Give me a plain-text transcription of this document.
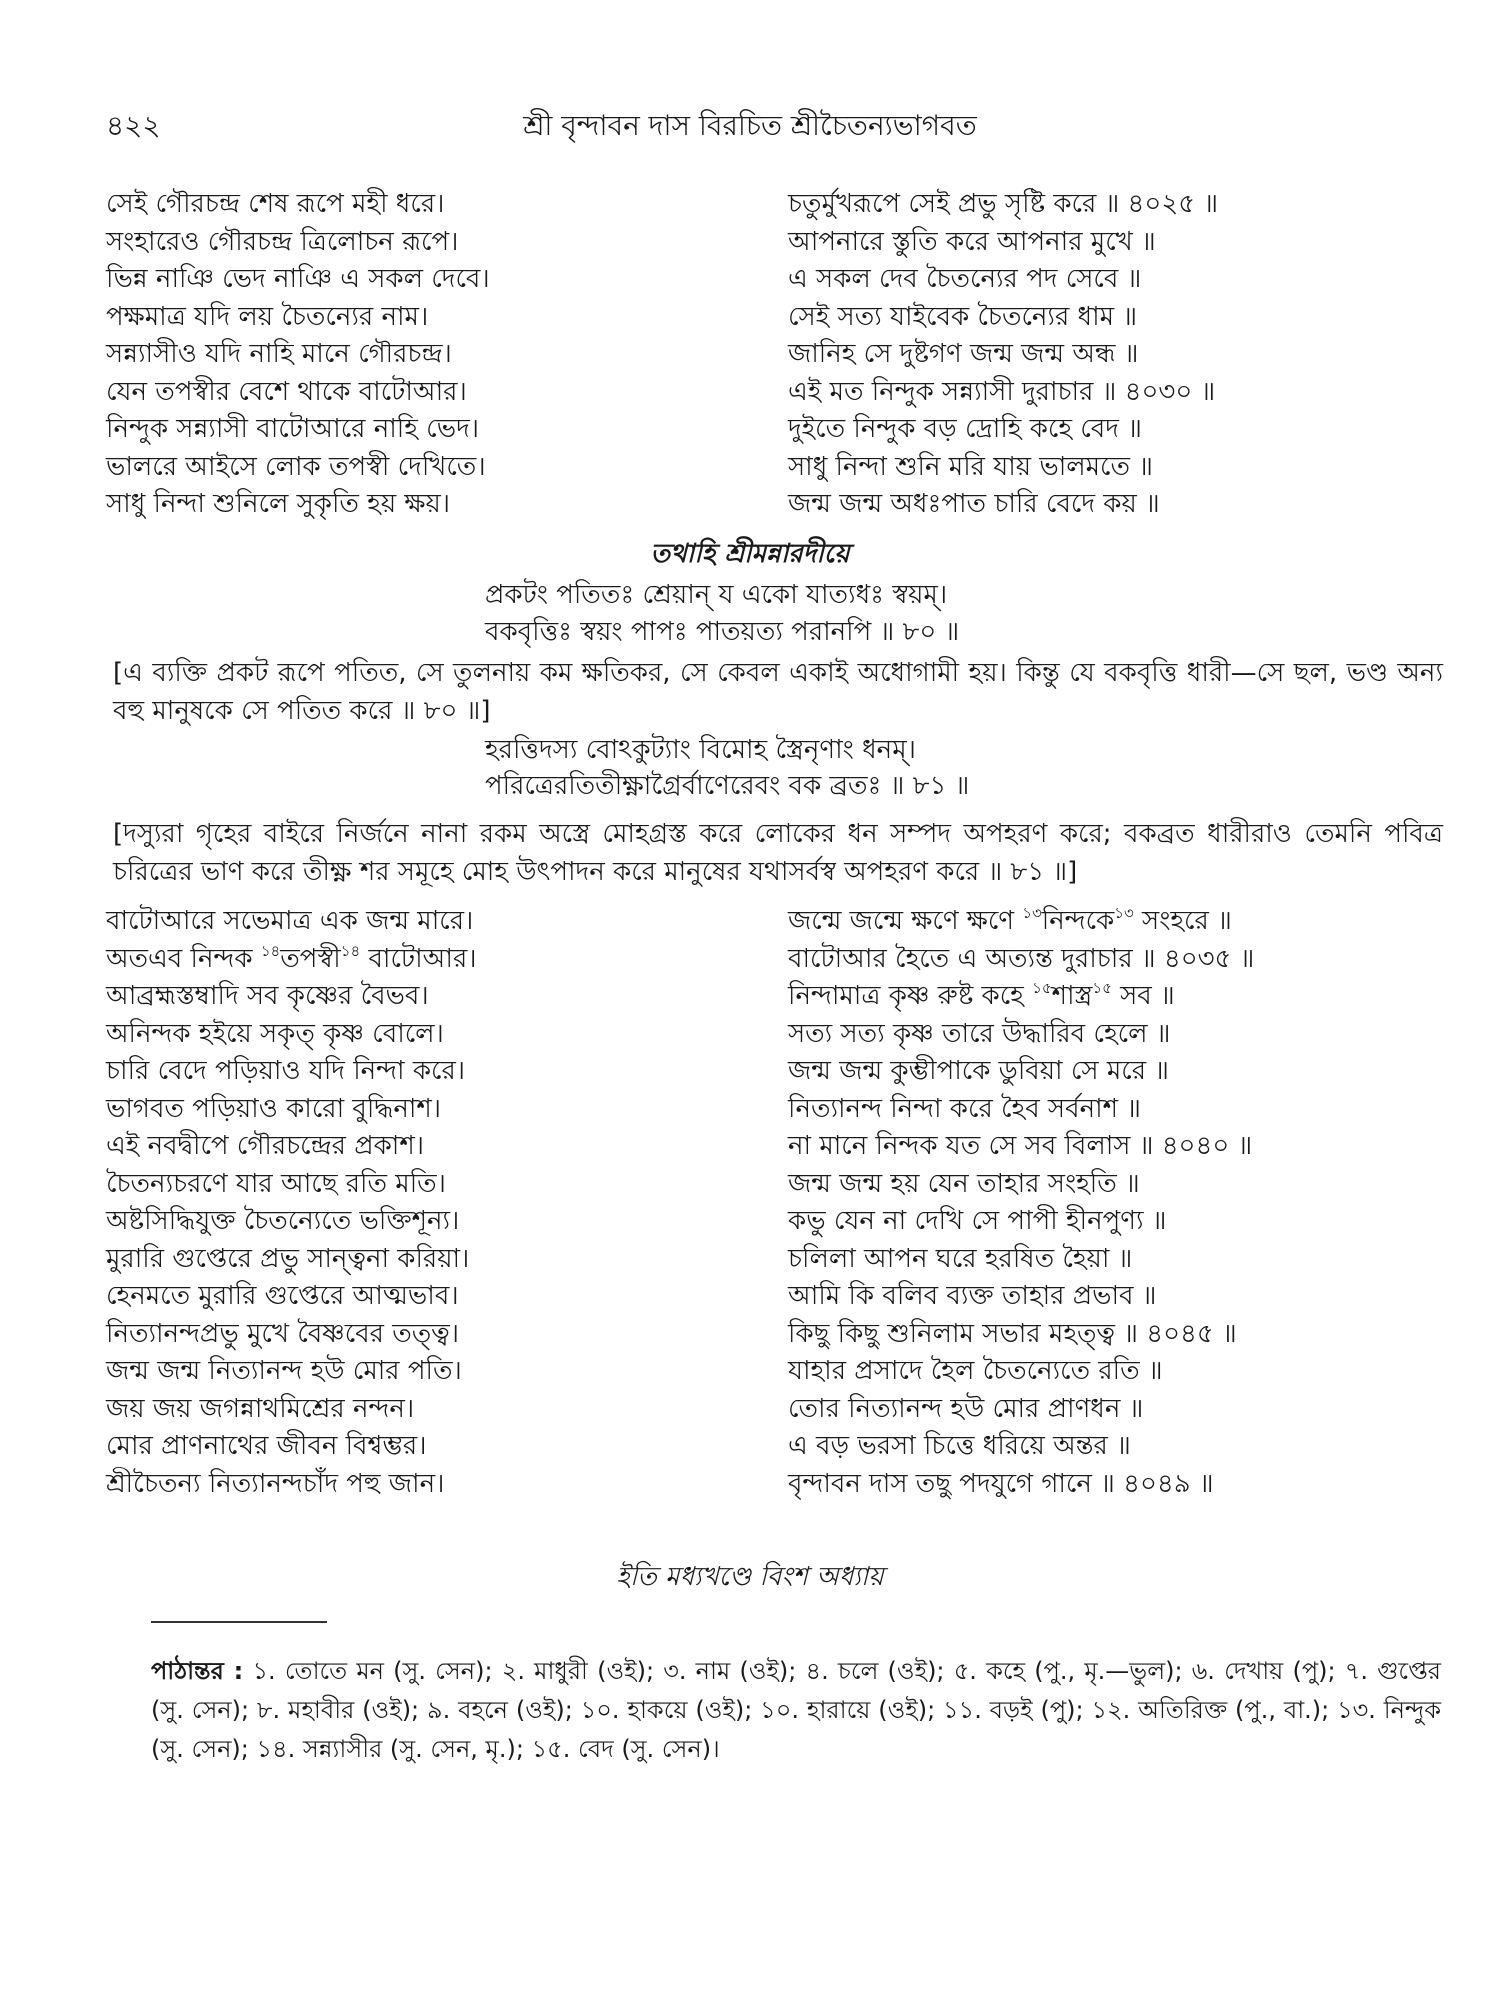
৪২২	শ্রী বৃন্দাবন দাস বিরচিত শ্রীচৈতন্যভাগবত
সেই গৌরচন্দ্র শেষ রূপে মহী ধরে।
সংহারেও গৌরচন্দ্র ত্রিলোচন রূপে।
ভিন্ন নাঞি ভেদ নাঞি এ সকল দেবে।
পক্ষমাত্র যদি লয় চৈতন্যের নাম।
সন্ন্যাসীও যদি নাহি মানে গৌরচন্দ্র।
যেন তপস্বীর বেশে থাকে বাটোআর।
নিন্দুক সন্ন্যাসী বাটোআরে নাহি ভেদ।
ভালরে আইসে লোক তপস্বী দেখিতে।
সাধু নিন্দা শুনিলে সুকৃতি হয় ক্ষয়।
চতুর্মুখরূপে সেই প্রভু সৃষ্টি করে ॥ ৪০২৫ ॥
আপনারে স্তুতি করে আপনার মুখে ॥
এ সকল দেব চৈতন্যের পদ সেবে ॥
সেই সত্য যাইবেক চৈতন্যের ধাম ॥
জানিহ সে দুষ্টগণ জন্ম জন্ম অন্ধ ॥
এই মত নিন্দুক সন্ন্যাসী দুরাচার ॥ ৪০৩০ ॥
দুইতে নিন্দুক বড় দ্রোহি কহে বেদ ॥
সাধু নিন্দা শুনি মরি যায় ভালমতে ॥
জন্ম জন্ম অধঃপাত চারি বেদে কয় ॥
তথাহি শ্রীমন্নারদীয়ে
প্রকটং পতিতঃ শ্রেয়ান্ য একো যাত্যধঃ স্বয়ম্।
বকবৃত্তিঃ স্বয়ং পাপঃ পাতয়ত্য পরানপি ॥ ৮০ ॥
[এ ব্যক্তি প্রকট রূপে পতিত, সে তুলনায় কম ক্ষতিকর, সে কেবল একাই অধোগামী হয়। কিন্তু যে বকবৃত্তি ধারী—সে ছল, ভণ্ড অন্য বহু মানুষকে সে পতিত করে ॥ ৮০ ॥]
হরত্তিদস্য বোঽকুট্যাং বিমোহ স্ত্রৈনৃণাং ধনম্।
পরিত্রেরতিতীক্ষ্ণাগ্রৈর্বাণেরেবং বক ব্রতঃ ॥ ৮১ ॥
[দস্যুরা গৃহের বাইরে নির্জনে নানা রকম অস্ত্রে মোহগ্রস্ত করে লোকের ধন সম্পদ অপহরণ করে; বকব্রত ধারীরাও তেমনি পবিত্র চরিত্রের ভাণ করে তীক্ষ্ণ শর সমূহে মোহ উৎপাদন করে মানুষের যথাসর্বস্ব অপহরণ করে ॥ ৮১ ॥]
বাটোআরে সভেমাত্র এক জন্ম মারে।
অতএব নিন্দক $^{১৪}$তপস্বী$^{১৪}$ বাটোআর।
আব্রহ্মস্তম্বাদি সব কৃষ্ণের বৈভব।
অনিন্দক হইয়ে সকৃত্ কৃষ্ণ বোলে।
চারি বেদে পড়িয়াও যদি নিন্দা করে।
ভাগবত পড়িয়াও কারো বুদ্ধিনাশ।
এই নবদ্বীপে গৌরচন্দ্রের প্রকাশ।
চৈতন্যচরণে যার আছে রতি মতি।
অষ্টসিদ্ধিযুক্ত চৈতন্যেতে ভক্তিশূন্য।
মুরারি গুপ্তেরে প্রভু সান্ত্বনা করিয়া।
হেনমতে মুরারি গুপ্তেরে আত্মভাব।
নিত্যানন্দপ্রভু মুখে বৈষ্ণবের তত্ত্ব।
জন্ম জন্ম নিত্যানন্দ হউ মোর পতি।
জয় জয় জগন্নাথমিশ্রের নন্দন।
মোর প্রাণনাথের জীবন বিশ্বম্ভর।
শ্রীচৈতন্য নিত্যানন্দচাঁদ পহু জান।
জন্মে জন্মে ক্ষণে ক্ষণে $^{১৩}$নিন্দকে$^{১৩}$ সংহরে ॥
বাটোআর হৈতে এ অত্যন্ত দুরাচার ॥ ৪০৩৫ ॥
নিন্দামাত্র কৃষ্ণ রুষ্ট কহে $^{১৫}$শাস্ত্র$^{১৫}$ সব ॥
সত্য সত্য কৃষ্ণ তারে উদ্ধারিব হেলে ॥
জন্ম জন্ম কুম্ভীপাকে ডুবিয়া সে মরে ॥
নিত্যানন্দ নিন্দা করে হৈব সর্বনাশ ॥
না মানে নিন্দক যত সে সব বিলাস ॥ ৪০৪০ ॥
জন্ম জন্ম হয় যেন তাহার সংহতি ॥
কভু যেন না দেখি সে পাপী হীনপুণ্য ॥
চলিলা আপন ঘরে হরষিত হৈয়া ॥
আমি কি বলিব ব্যক্ত তাহার প্রভাব ॥
কিছু কিছু শুনিলাম সভার মহত্ত্ব ॥ ৪০৪৫ ॥
যাহার প্রসাদে হৈল চৈতন্যেতে রতি ॥
তোর নিত্যানন্দ হউ মোর প্রাণধন ॥
এ বড় ভরসা চিত্তে ধরিয়ে অন্তর ॥
বৃন্দাবন দাস তছু পদযুগে গানে ॥ ৪০৪৯ ॥
ইতি মধ্যখণ্ডে বিংশ অধ্যায়
পাঠান্তর : ১. তোতে মন (সু. সেন); ২. মাধুরী (ওই); ৩. নাম (ওই); ৪. চলে (ওই); ৫. কহে (পু., মৃ.—ভুল); ৬. দেখায় (পু); ৭. গুপ্তের (সু. সেন); ৮. মহাবীর (ওই); ৯. বহনে (ওই); ১০. হাকয়ে (ওই); ১০. হারায়ে (ওই); ১১. বড়ই (পু); ১২. অতিরিক্ত (পু., বা.); ১৩. নিন্দুক (সু. সেন); ১৪. সন্ন্যাসীর (সু. সেন, মৃ.); ১৫. বেদ (সু. সেন)।
